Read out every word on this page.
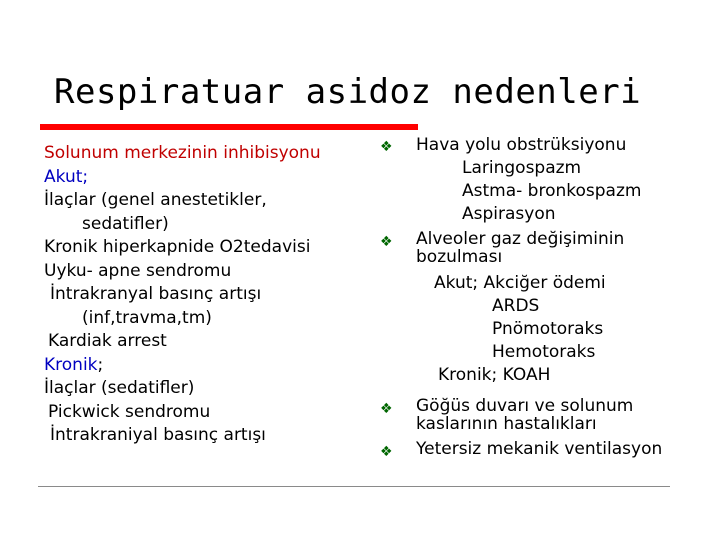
Respiratuar asidoz nedenleri
Solunum merkezinin inhibisyonu
Akut;
İlaçlar (genel anestetikler,
sedatifler)
Kronik hiperkapnide O2tedavisi
Uyku- apne sendromu
İntrakranyal basınç artışı
(inf,travma,tm)
Kardiak arrest
Kronik;
İlaçlar (sedatifler)
Pickwick sendromu
İntrakraniyal basınç artışı
❖ Hava yolu obstrüksiyonu
Laringospazm
Astma- bronkospazm
Aspirasyon
❖ Alveoler gaz değişiminin
bozulması
Akut; Akciğer ödemi
ARDS
Pnömotoraks
Hemotoraks
Kronik; KOAH
❖ Göğüs duvarı ve solunum
kaslarının hastalıkları
❖ Yetersiz mekanik ventilasyon
